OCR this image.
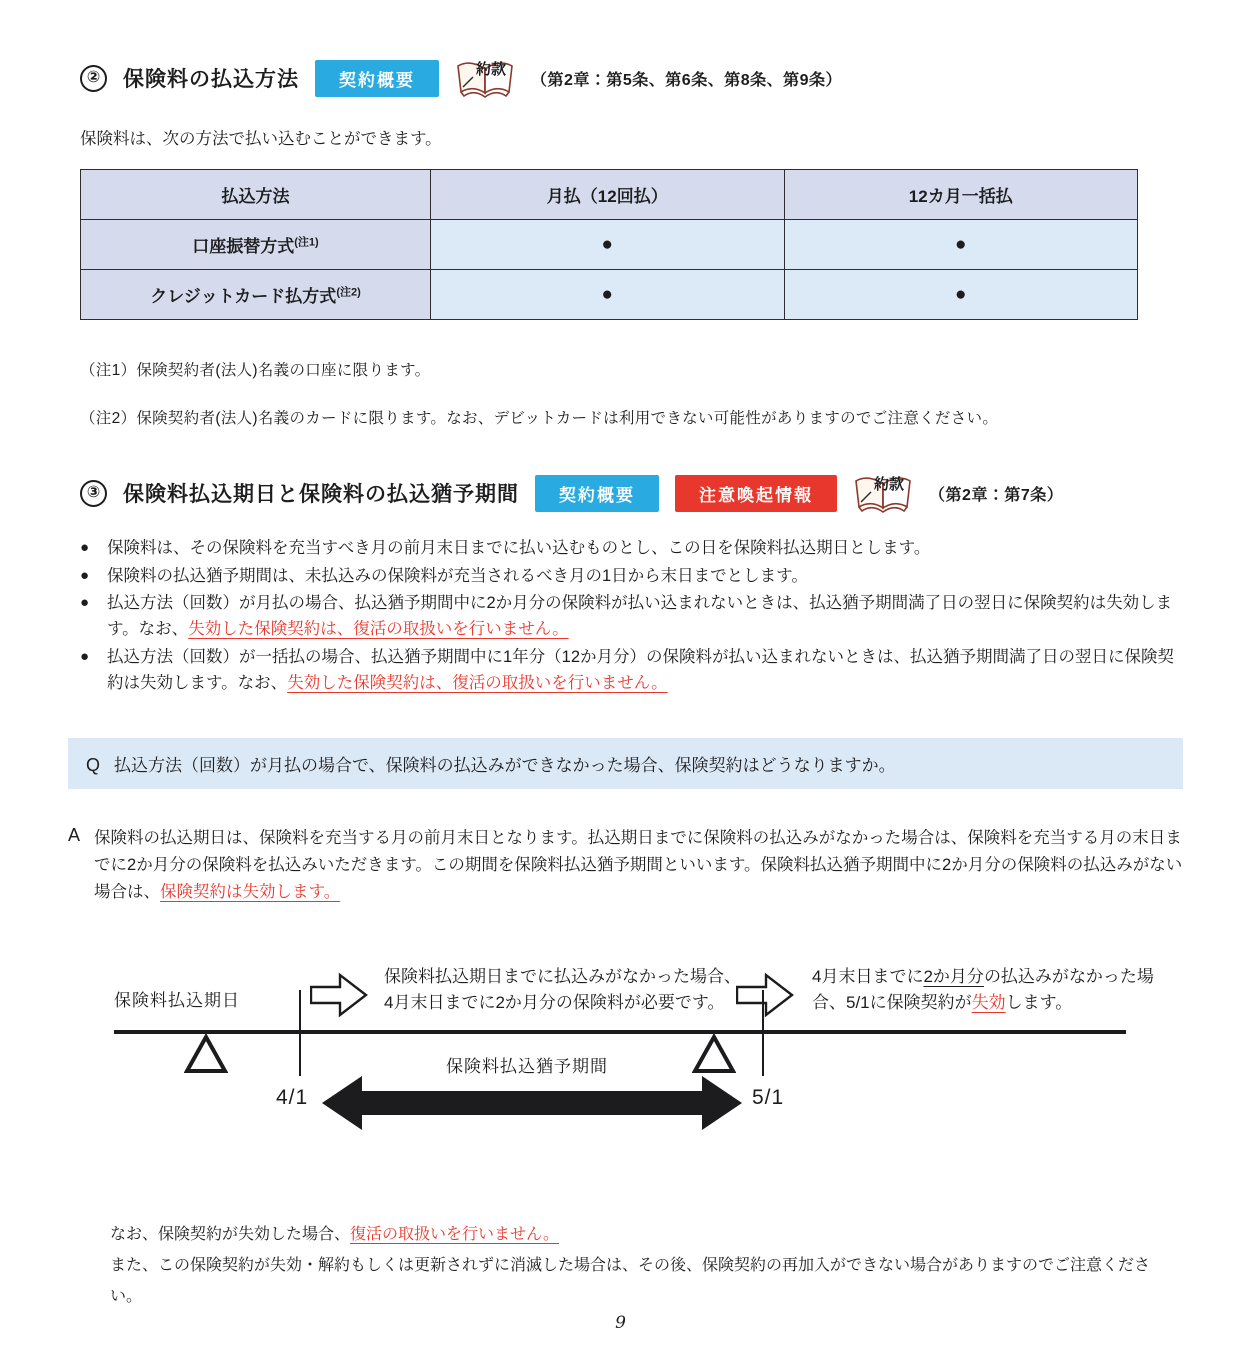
②	保険料の払込方法	契約概要
約款
（第2章：第5条、第6条、第8条、第9条）

保険料は、次の方法で払い込むことができます。

払込方法	月払（12回払）	12カ月一括払
口座振替方式$^{(注1)}$	●	●
クレジットカード払方式$^{(注2)}$	●	●

（注1）保険契約者(法人)名義の口座に限ります。

（注2）保険契約者(法人)名義のカードに限ります。なお、デビットカードは利用できない可能性がありますのでご注意ください。

③	保険料払込期日と保険料の払込猶予期間	契約概要	注意喚起情報
約款
（第2章：第7条）
● 保険料は、その保険料を充当すべき月の前月末日までに払い込むものとし、この日を保険料払込期日とします。
● 保険料の払込猶予期間は、未払込みの保険料が充当されるべき月の1日から末日までとします。
● 払込方法（回数）が月払の場合、払込猶予期間中に2か月分の保険料が払い込まれないときは、払込猶予期間満了日の翌日に保険契約は失効します。なお、失効した保険契約は、復活の取扱いを行いません。
● 払込方法（回数）が一括払の場合、払込猶予期間中に1年分（12か月分）の保険料が払い込まれないときは、払込猶予期間満了日の翌日に保険契約は失効します。なお、失効した保険契約は、復活の取扱いを行いません。
Q 払込方法（回数）が月払の場合で、保険料の払込みができなかった場合、保険契約はどうなりますか。
A 保険料の払込期日は、保険料を充当する月の前月末日となります。払込期日までに保険料の払込みがなかった場合は、保険料を充当する月の末日までに2か月分の保険料を払込みいただきます。この期間を保険料払込猶予期間といいます。保険料払込猶予期間中に2か月分の保険料の払込みがない場合は、保険契約は失効します。
保険料払込期日
保険料払込期日までに払込みがなかった場合、
4月末日までに2か月分の保険料が必要です。
4月末日までに2か月分の払込みがなかった場合、5/1に保険契約が失効します。
保険料払込猶予期間
4/1	5/1

なお、保険契約が失効した場合、復活の取扱いを行いません。

また、この保険契約が失効・解約もしくは更新されずに消滅した場合は、その後、保険契約の再加入ができない場合がありますのでご注意ください。

9
